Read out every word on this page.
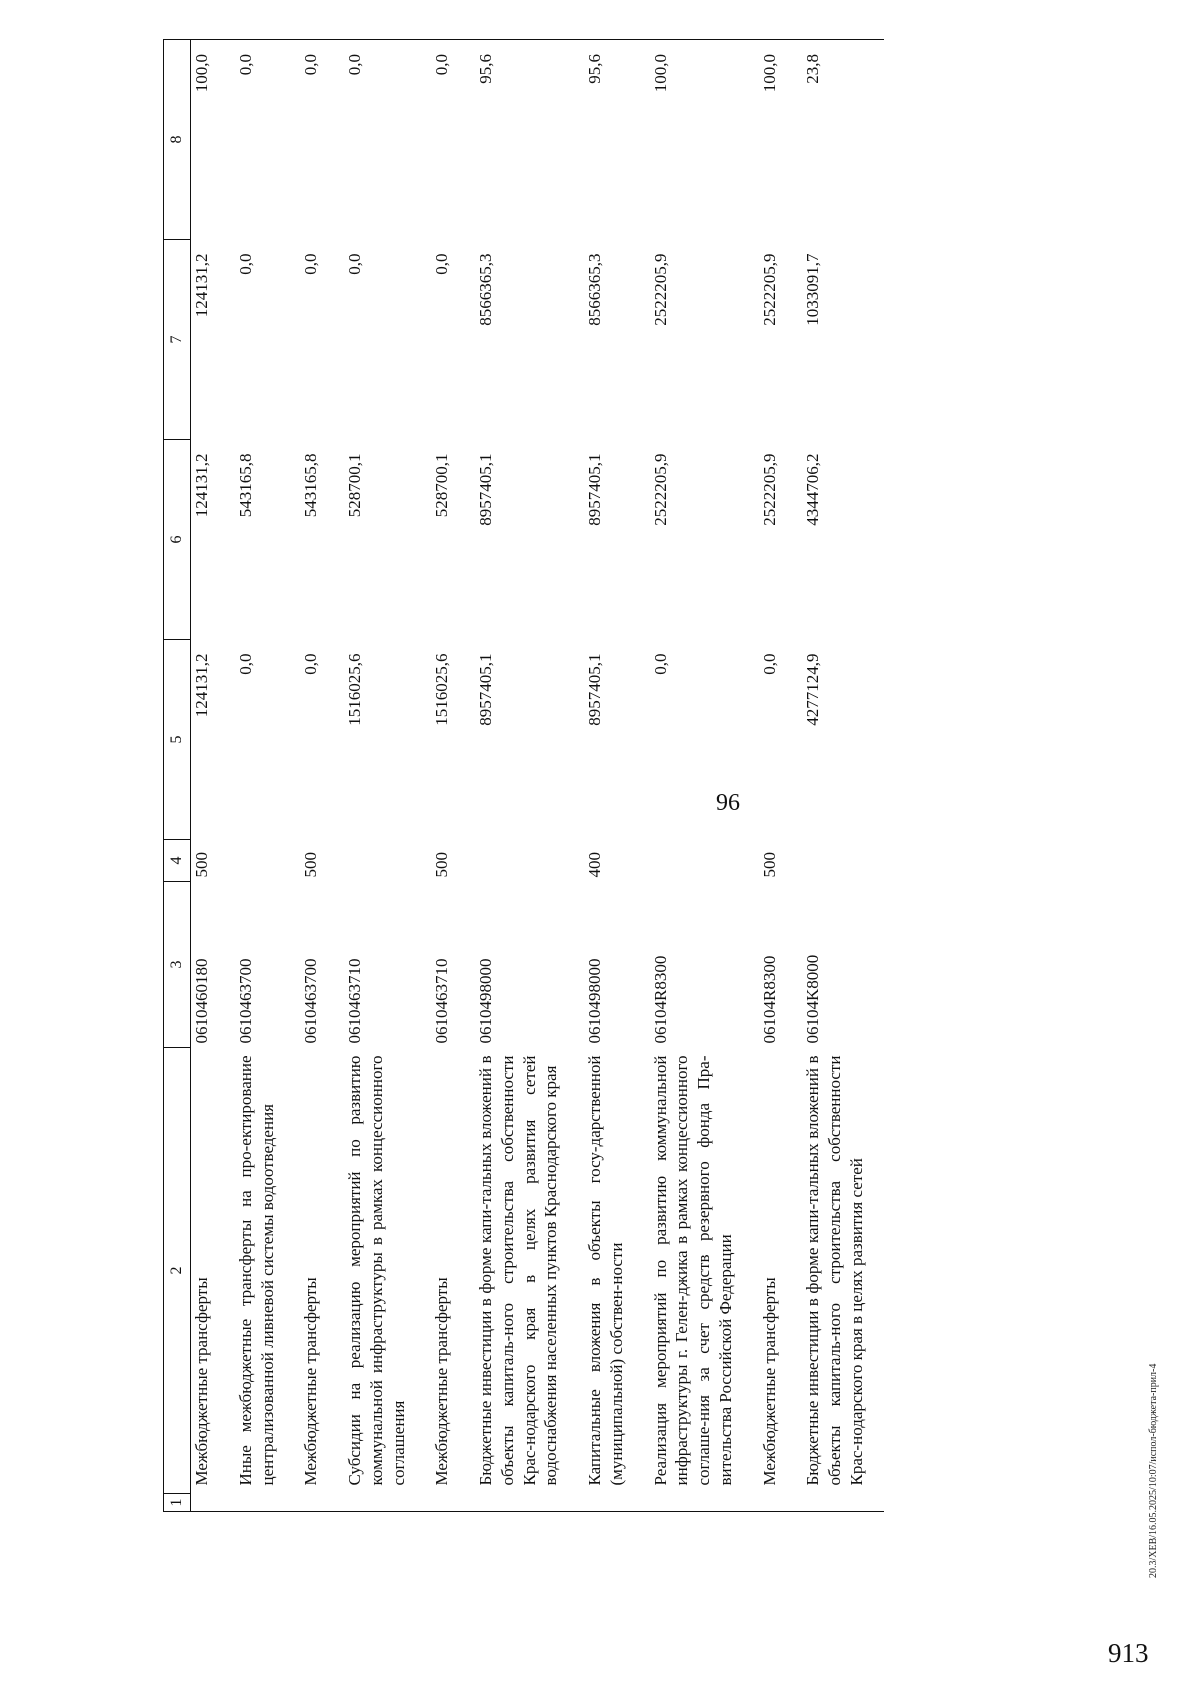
96
1	2	3	4	5	6	7	8
	Межбюджетные трансферты	0610460180	500	124131,2	124131,2	124131,2	100,0
	Иные межбюджетные трансферты на про-ектирование централизованной ливневой системы водоотведения	0610463700		0,0	543165,8	0,0	0,0
	Межбюджетные трансферты	0610463700	500	0,0	543165,8	0,0	0,0
	Субсидии на реализацию мероприятий по развитию коммунальной инфраструктуры в рамках концессионного соглашения	0610463710		1516025,6	528700,1	0,0	0,0
	Межбюджетные трансферты	0610463710	500	1516025,6	528700,1	0,0	0,0
	Бюджетные инвестиции в форме капи-тальных вложений в объекты капиталь-ного строительства собственности Крас-нодарского края в целях развития сетей водоснабжения населенных пунктов Краснодарского края	0610498000		8957405,1	8957405,1	8566365,3	95,6
	Капитальные вложения в объекты госу-дарственной (муниципальной) собствен-ности	0610498000	400	8957405,1	8957405,1	8566365,3	95,6
	Реализация мероприятий по развитию коммунальной инфраструктуры г. Гелен-джика в рамках концессионного соглаше-ния за счет средств резервного фонда Пра-вительства Российской Федерации	06104R8300		0,0	2522205,9	2522205,9	100,0
	Межбюджетные трансферты	06104R8300	500	0,0	2522205,9	2522205,9	100,0
	Бюджетные инвестиции в форме капи-тальных вложений в объекты капиталь-ного строительства собственности Крас-нодарского края в целях развития сетей	06104K8000		4277124,9	4344706,2	1033091,7	23,8
20.3/ХЕВ/16.05.2025/10:07/испол-бюджета-прил-4
913
